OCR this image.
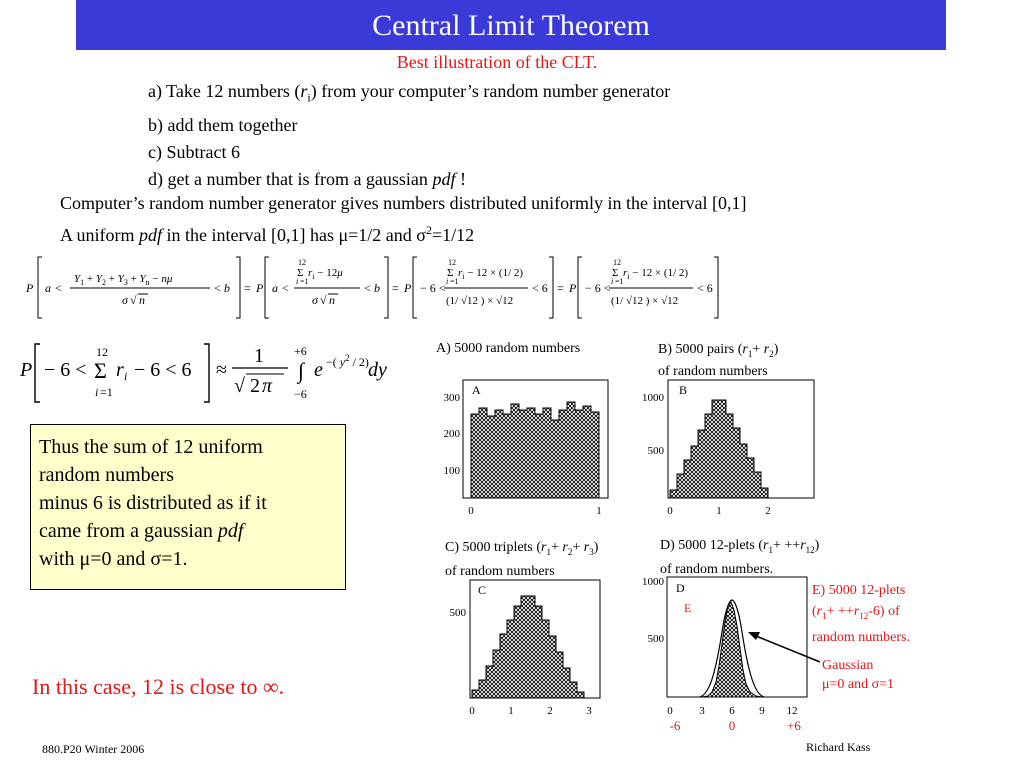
Central Limit Theorem
Best illustration of the CLT.
a) Take 12 numbers $(r_i)$ from your computer’s random number generator
b) add them together
c) Subtract 6
d) get a number that is from a gaussian pdf !
Computer’s random number generator gives numbers distributed uniformly in the interval [0,1]
A uniform pdf in the interval [0,1] has μ=1/2 and $\sigma^2=1/12$
P a <
$Y_1 + Y_2 + Y_3 + Y_n - n\mu$
σ √ n
< b = P a <
12
Σ
i =1
$r_i - 12\mu$
σ √ n
< b = P − 6 <
12
Σ
i =1
$r_i - 12 \times (1/$ 2)
(1/ √12 ) × √12
< 6 = P − 6 <
12
Σ
i =1
$r_i - 12 \times (1/$ 2)
(1/ √12 ) × √12
< 6
P − 6 <
12
Σ
i =1
r i − 6 < 6 ≈
1
√ 2 π
+6
∫
−6
e −( $y^2 / 2$) dy
Thus the sum of 12 uniform
random numbers
minus 6 is distributed as if it
came from a gaussian pdf
with μ=0 and σ=1.
In this case, 12 is close to ∞.
880.P20 Winter 2006	Richard Kass
A) 5000 random numbers	B) 5000 pairs $(r_1+ r_2)$
of random numbers
C) 5000 triplets $(r_1+ r_2+ r_3)$
of random numbers
D) 5000 12-plets $(r_1+ ++r_{12})$
of random numbers.
E) 5000 12-plets
$(r_1+ ++r_{12}-6)$ of
random numbers.
Gaussian
μ=0 and σ=1
A
300
200
100
0	1
B
1000
500
0	1	2
C
500
0	1	2	3
D
E
1000
500
0 3 6 9 12
-6	0	+6
